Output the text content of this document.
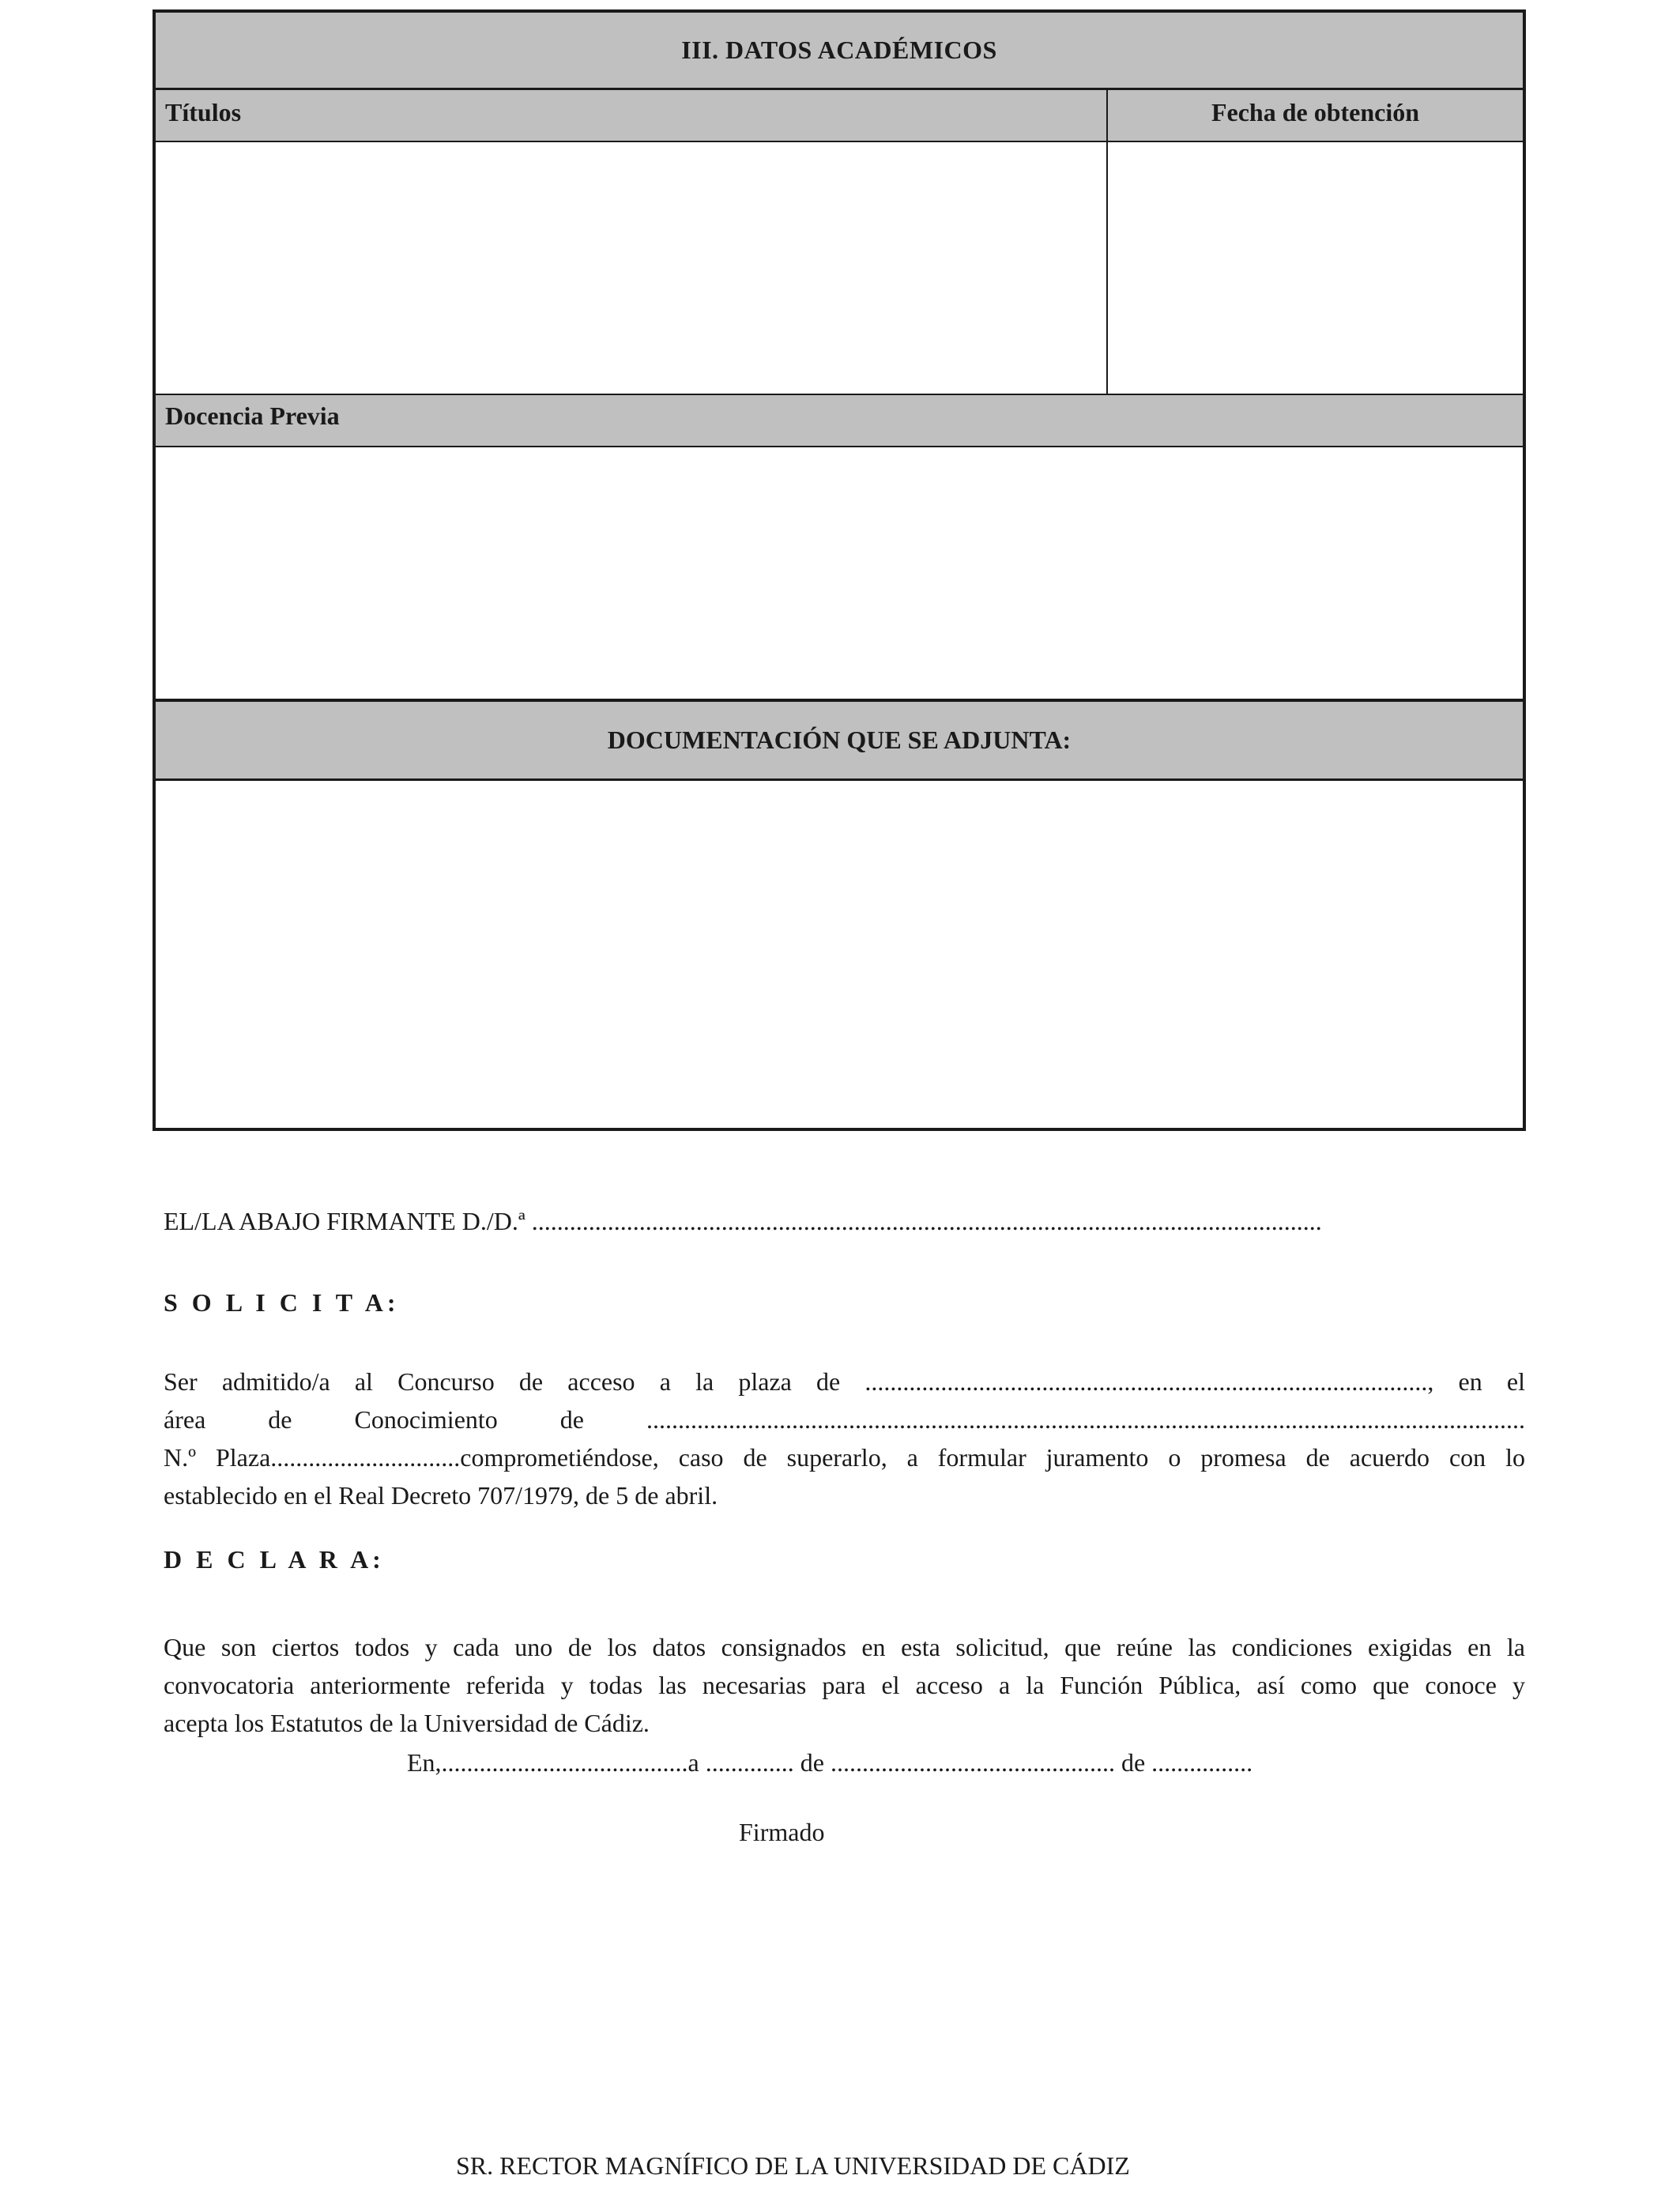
III. DATOS ACADÉMICOS
Títulos	Fecha de obtención
Docencia Previa
DOCUMENTACIÓN QUE SE ADJUNTA:
EL/LA ABAJO FIRMANTE D./D.ª .............................................................................................................................
S O L I C I T A:
Ser admitido/a al Concurso de acceso a la plaza de ........................................................................................., en el
área de Conocimiento de ...........................................................................................................................................
N.º Plaza..............................comprometiéndose, caso de superarlo, a formular juramento o promesa de acuerdo con lo
establecido en el Real Decreto 707/1979, de 5 de abril.
D E C L A R A:
Que son ciertos todos y cada uno de los datos consignados en esta solicitud, que reúne las condiciones exigidas en la
convocatoria anteriormente referida y todas las necesarias para el acceso a la Función Pública, así como que conoce y
acepta los Estatutos de la Universidad de Cádiz.
En,.......................................a .............. de ............................................. de ................
Firmado
SR. RECTOR MAGNÍFICO DE LA UNIVERSIDAD DE CÁDIZ
